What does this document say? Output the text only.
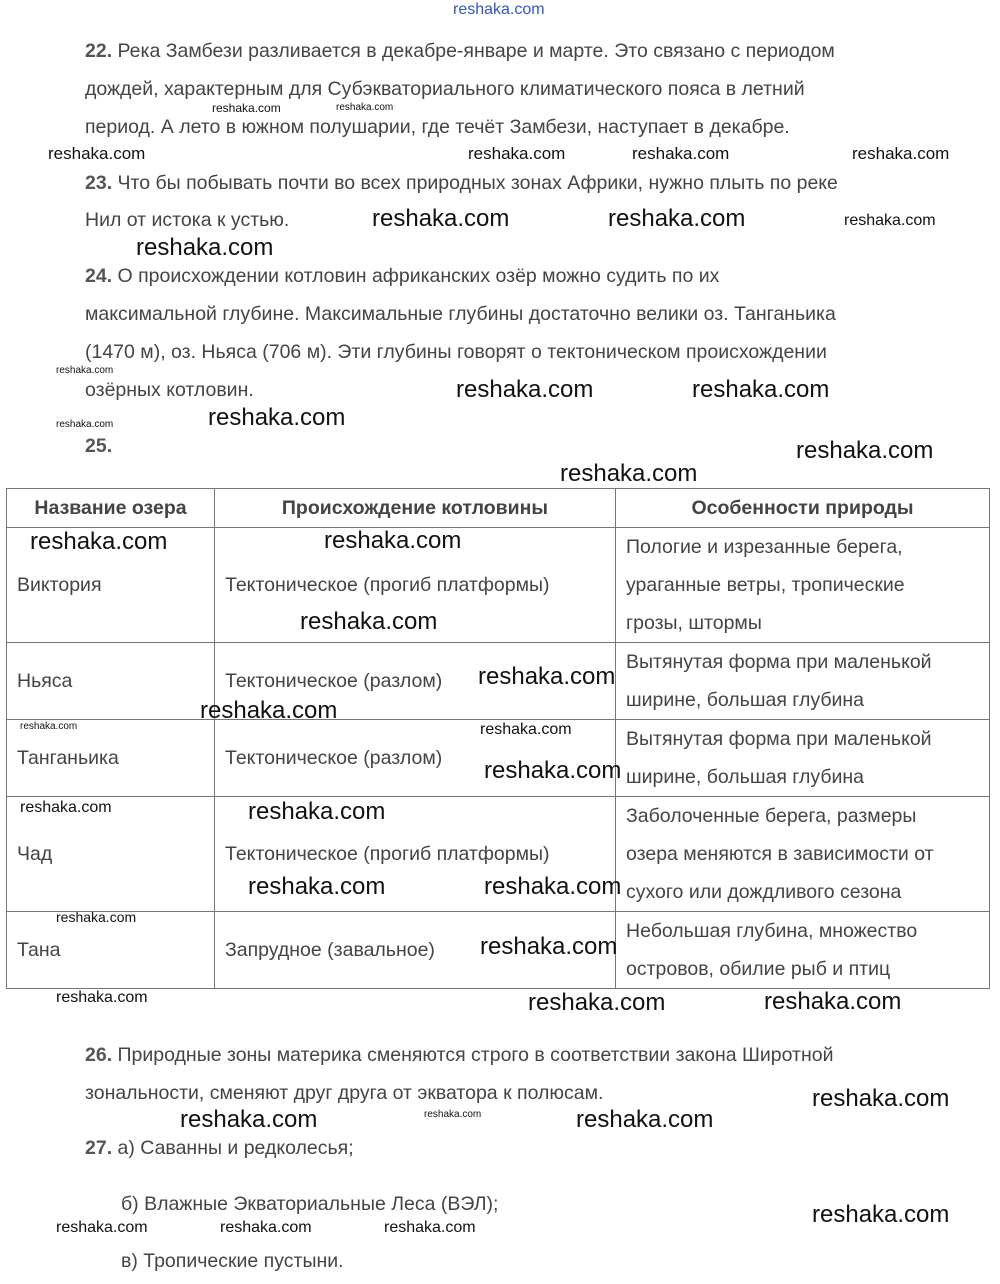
22. Река Замбези разливается в декабре-январе и марте. Это связано с периодом
дождей, характерным для Субэкваториального климатического пояса в летний
период. А лето в южном полушарии, где течёт Замбези, наступает в декабре.
23. Что бы побывать почти во всех природных зонах Африки, нужно плыть по реке
Нил от истока к устью.
24. О происхождении котловин африканских озёр можно судить по их
максимальной глубине. Максимальные глубины достаточно велики оз. Танганьика
(1470 м), оз. Ньяса (706 м). Эти глубины говорят о тектоническом происхождении
озёрных котловин.
25.
Название озера	Происхождение котловины	Особенности природы
Виктория	Тектоническое (прогиб платформы)	Пологие и изрезанные берега,
ураганные ветры, тропические
грозы, штормы

Ньяса	Тектоническое (разлом)	Вытянутая форма при маленькой
ширине, большая глубина

Танганьика	Тектоническое (разлом)	Вытянутая форма при маленькой
ширине, большая глубина

Чад	Тектоническое (прогиб платформы)	Заболоченные берега, размеры
озера меняются в зависимости от
сухого или дождливого сезона

Тана	Запрудное (завальное)	Небольшая глубина, множество
островов, обилие рыб и птиц
26. Природные зоны материка сменяются строго в соответствии закона Широтной
зональности, сменяют друг друга от экватора к полюсам.
27. а) Саванны и редколесья;
б) Влажные Экваториальные Леса (ВЭЛ);
в) Тропические пустыни.
reshaka.com
reshaka.com	reshaka.com
reshaka.com	reshaka.com	reshaka.com
reshaka.com
reshaka.com	reshaka.com	reshaka.com
reshaka.com
reshaka.com	reshaka.com
reshaka.com
reshaka.com	reshaka.com
reshaka.com
reshaka.com
reshaka.com
reshaka.com
reshaka.com
reshaka.com
reshaka.com
reshaka.com	reshaka.com
reshaka.com
reshaka.com	reshaka.com
reshaka.com	reshaka.com
reshaka.com
reshaka.com
reshaka.com	reshaka.com
reshaka.com
reshaka.com
reshaka.com	reshaka.com	reshaka.com
reshaka.com	reshaka.com	reshaka.com	reshaka.com
